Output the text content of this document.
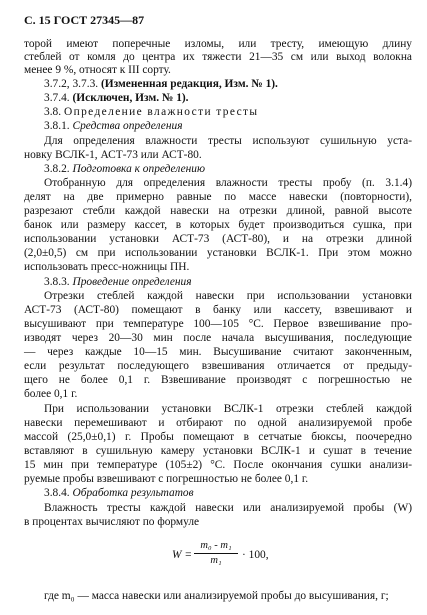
С. 15 ГОСТ 27345—87
торой имеют поперечные изломы, или тресту, имеющую длину
стеблей от комля до центра их тяжести 21—35 см или выход волокна
менее 9 %, относят к III сорту.
3.7.2, 3.7.3. (Измененная редакция, Изм. № 1).
3.7.4. (Исключен, Изм. № 1).
3.8. Определение влажности тресты
3.8.1. Средства определения
Для определения влажности тресты используют сушильную уста-
новку ВСЛК-1, АСТ-73 или АСТ-80.
3.8.2. Подготовка к определению
Отобранную для определения влажности тресты пробу (п. 3.1.4)
делят на две примерно равные по массе навески (повторности),
разрезают стебли каждой навески на отрезки длиной, равной высоте
банок или размеру кассет, в которых будет производиться сушка, при
использовании установки АСТ-73 (АСТ-80), и на отрезки длиной
(2,0±0,5) см при использовании установки ВСЛК-1. При этом можно
использовать пресс-ножницы ПН.
3.8.3. Проведение определения
Отрезки стеблей каждой навески при использовании установки
АСТ-73 (АСТ-80) помещают в банку или кассету, взвешивают и
высушивают при температуре 100—105 °С. Первое взвешивание про-
изводят через 20—30 мин после начала высушивания, последующие
— через каждые 10—15 мин. Высушивание считают законченным,
если результат последующего взвешивания отличается от предыду-
щего не более 0,1 г. Взвешивание производят с погрешностью не
более 0,1 г.
При использовании установки ВСЛК-1 отрезки стеблей каждой
навески перемешивают и отбирают по одной анализируемой пробе
массой (25,0±0,1) г. Пробы помещают в сетчатые бюксы, поочередно
вставляют в сушильную камеру установки ВСЛК-1 и сушат в течение
15 мин при температуре (105±2) °С. После окончания сушки анализи-
руемые пробы взвешивают с погрешностью не более 0,1 г.
3.8.4. Обработка результатов
Влажность тресты каждой навески или анализируемой пробы (W)
в процентах вычисляют по формуле
W =
m₀ - m₁
m₁	· 100,
где m₀ — масса навески или анализируемой пробы до высушивания, г;
